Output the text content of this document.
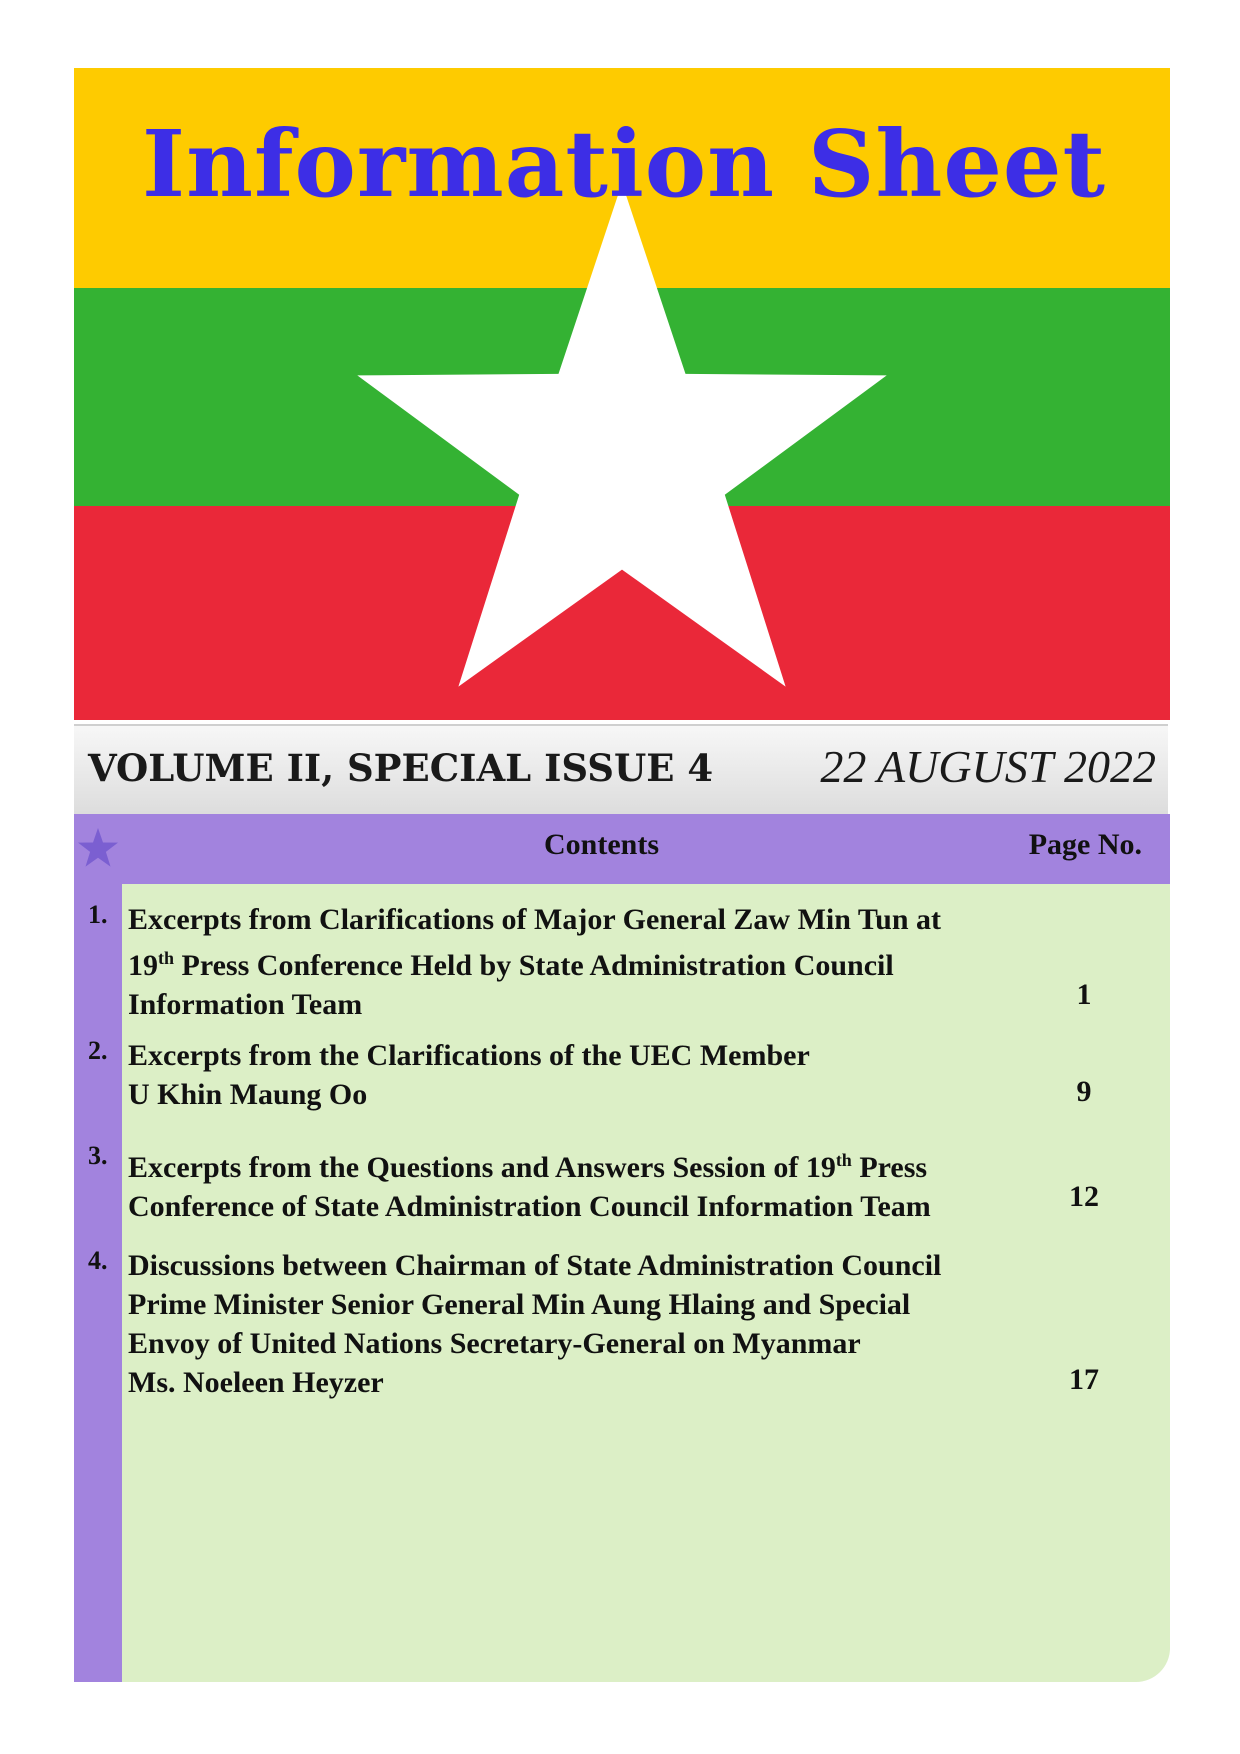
Information Sheet
VOLUME II, SPECIAL ISSUE 4 22 AUGUST 2022
Contents	Page No.
1. Excerpts from Clarifications of Major General Zaw Min Tun at
19th Press Conference Held by State Administration Council
Information Team	1
2. Excerpts from the Clarifications of the UEC Member
U Khin Maung Oo	9
3. Excerpts from the Questions and Answers Session of 19th Press
Conference of State Administration Council Information Team	12
4. Discussions between Chairman of State Administration Council
Prime Minister Senior General Min Aung Hlaing and Special
Envoy of United Nations Secretary-General on Myanmar
Ms. Noeleen Heyzer	17
